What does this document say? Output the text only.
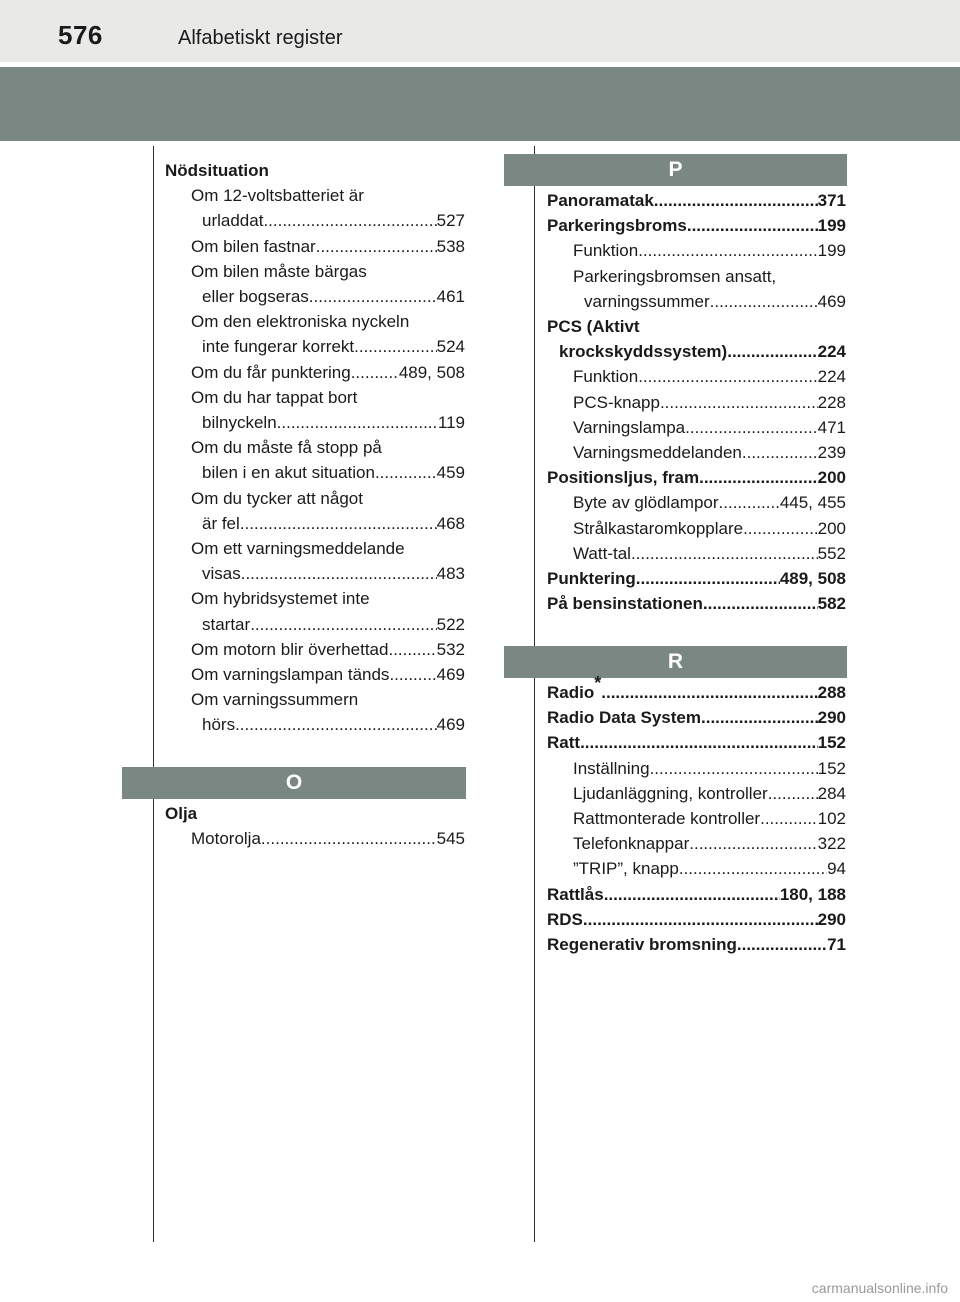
576	Alfabetiskt register
Nödsituation
Om 12-voltsbatteriet är
urladdat .....	527
Om bilen fastnar .....	538
Om bilen måste bärgas
eller bogseras .....	461
Om den elektroniska nyckeln
inte fungerar korrekt .....	524
Om du får punktering .....	489, 508
Om du har tappat bort
bilnyckeln .....	119
Om du måste få stopp på
bilen i en akut situation .....	459
Om du tycker att något
är fel .....	468
Om ett varningsmeddelande
visas .....	483
Om hybridsystemet inte
startar .....	522
Om motorn blir överhettad .....	532
Om varningslampan tänds .....	469
Om varningssummern
hörs .....	469
O
Olja
Motorolja .....	545
P
Panoramatak .....	371
Parkeringsbroms .....	199
Funktion .....	199
Parkeringsbromsen ansatt,
varningssummer .....	469
PCS (Aktivt
krockskyddssystem) .....	224
Funktion .....	224
PCS-knapp .....	228
Varningslampa .....	471
Varningsmeddelanden .....	239
Positionsljus, fram .....	200
Byte av glödlampor .....	445, 455
Strålkastaromkopplare .....	200
Watt-tal .....	552
Punktering .....	489, 508
På bensinstationen .....	582
R
Radio* .....	288
Radio Data System .....	290
Ratt .....	152
Inställning .....	152
Ljudanläggning, kontroller .....	284
Rattmonterade kontroller .....	102
Telefonknappar .....	322
”TRIP”, knapp .....	94
Rattlås .....	180, 188
RDS .....	290
Regenerativ bromsning .....	71
carmanualsonline.info
